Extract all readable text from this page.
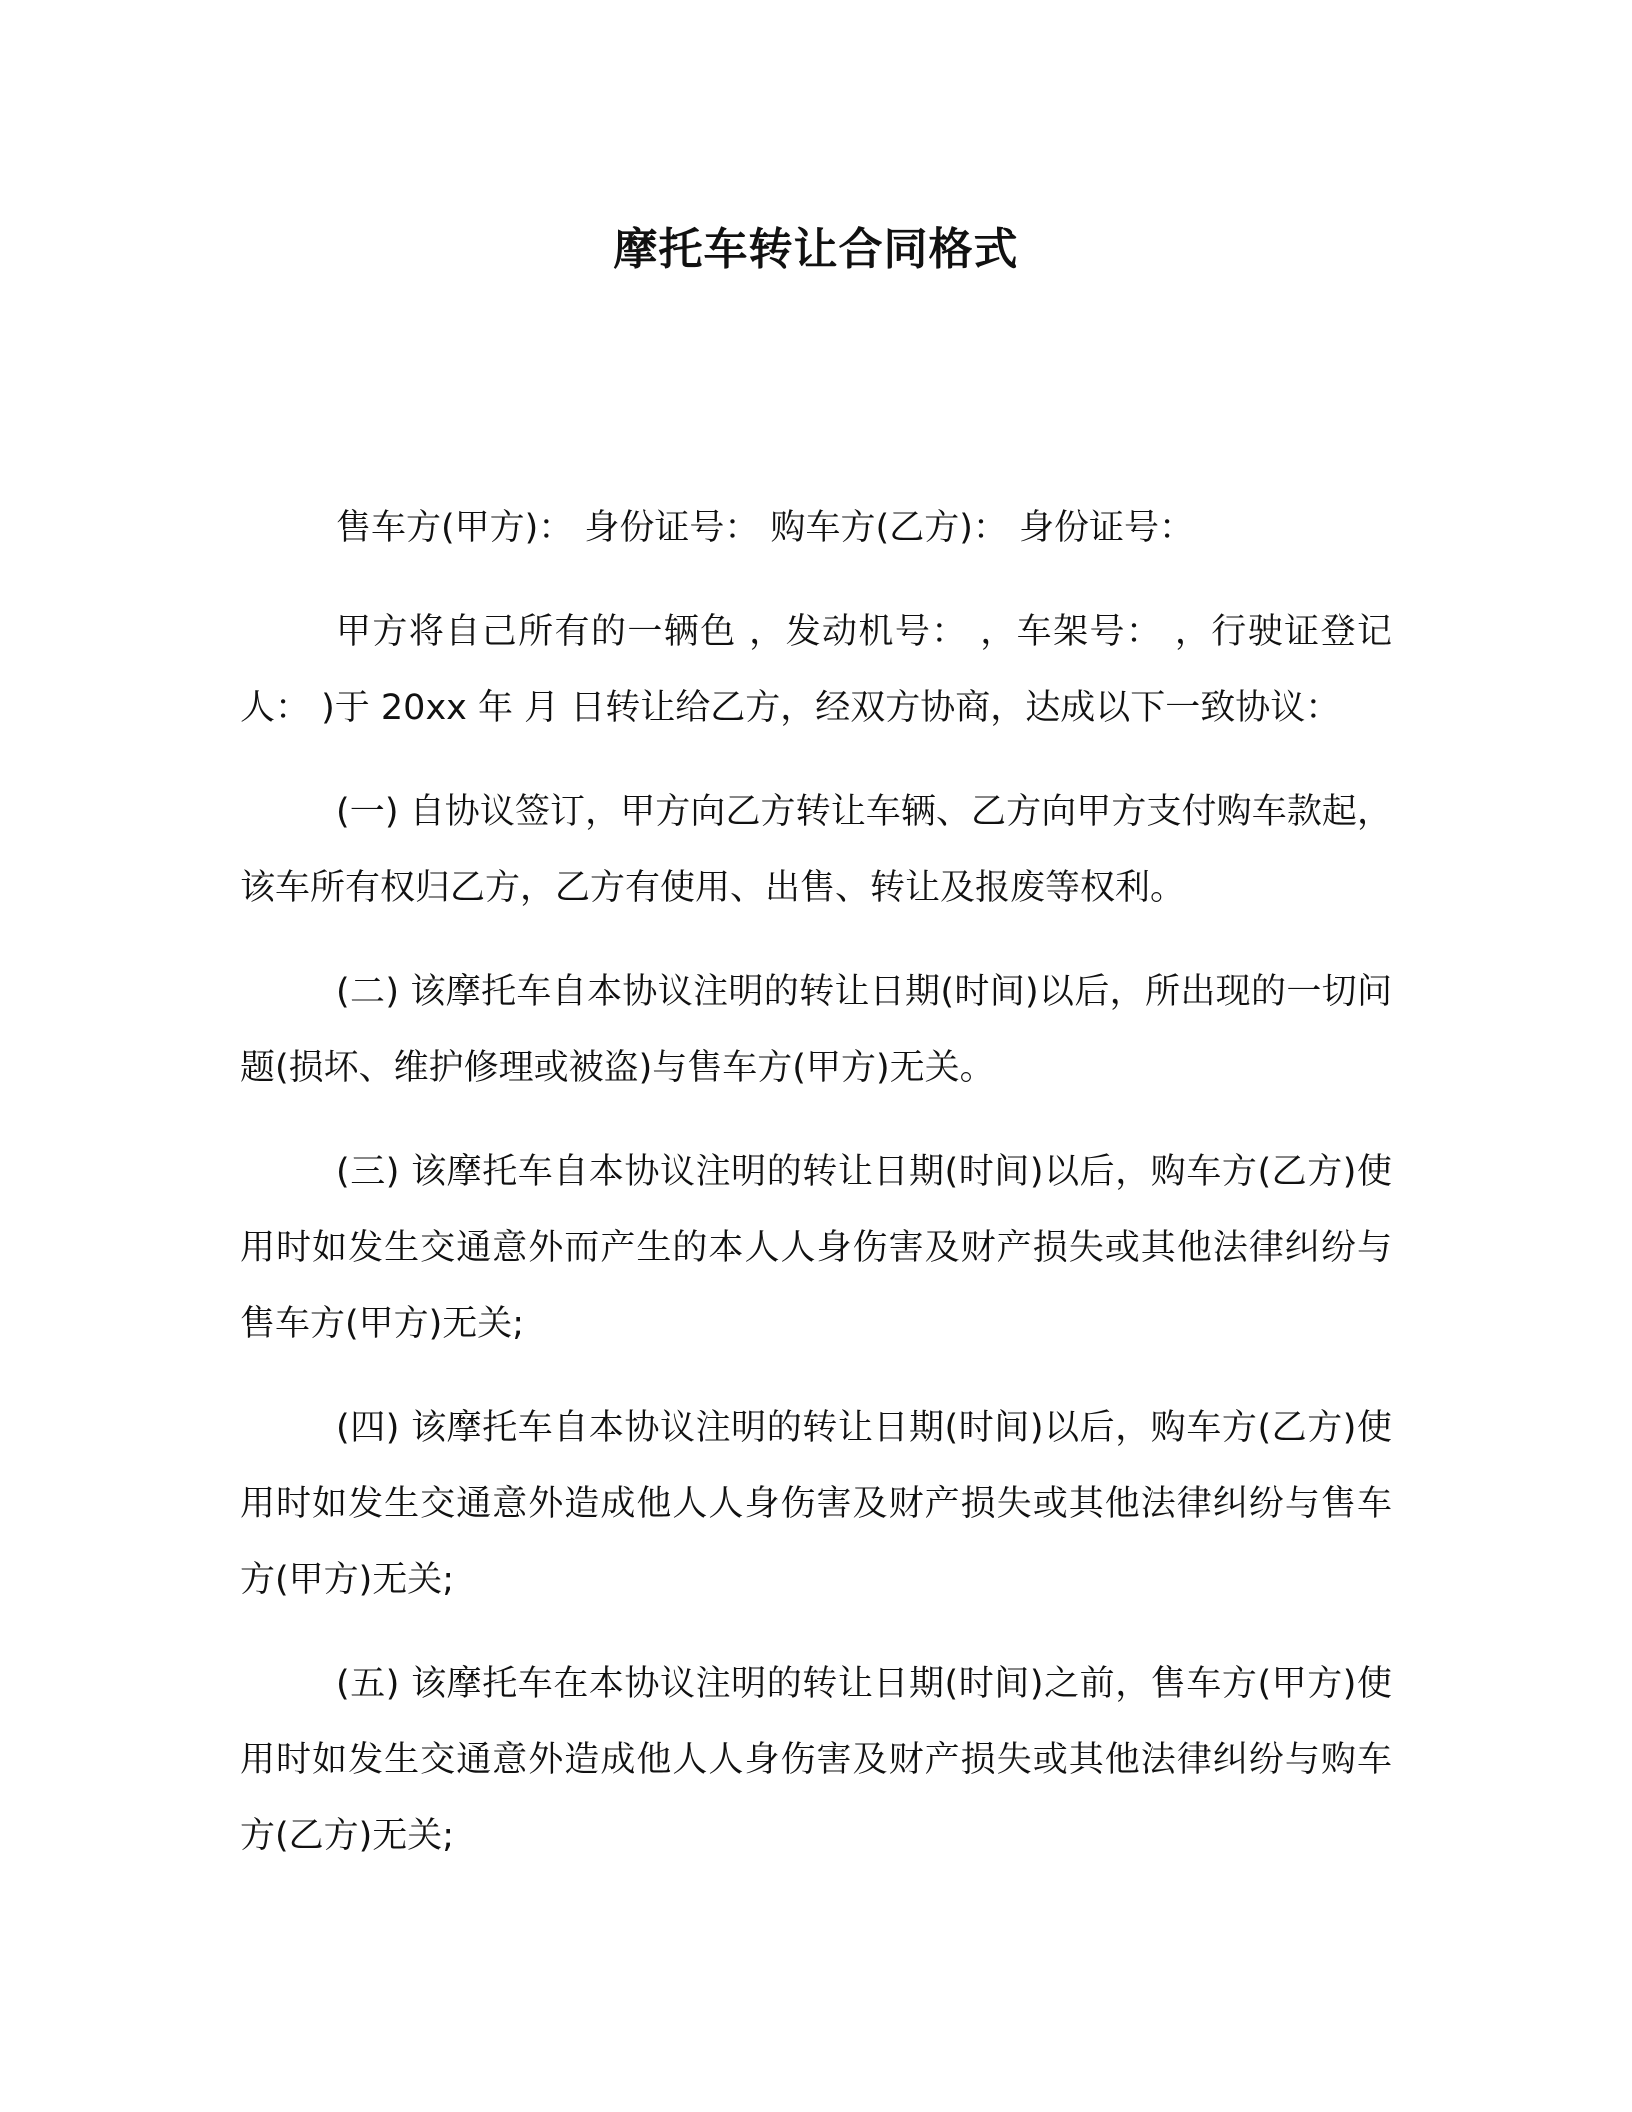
摩托车转让合同格式

售车方(甲方)： 身份证号： 购车方(乙方)： 身份证号：

甲方将自己所有的一辆色 ，发动机号： ，车架号： ，行驶证登记人： )于 20xx 年 月 日转让给乙方，经双方协商，达成以下一致协议：

(一) 自协议签订，甲方向乙方转让车辆、乙方向甲方支付购车款起，该车所有权归乙方，乙方有使用、出售、转让及报废等权利。

(二) 该摩托车自本协议注明的转让日期(时间)以后，所出现的一切问题(损坏、维护修理或被盗)与售车方(甲方)无关。

(三) 该摩托车自本协议注明的转让日期(时间)以后，购车方(乙方)使用时如发生交通意外而产生的本人人身伤害及财产损失或其他法律纠纷与售车方(甲方)无关;

(四) 该摩托车自本协议注明的转让日期(时间)以后，购车方(乙方)使用时如发生交通意外造成他人人身伤害及财产损失或其他法律纠纷与售车方(甲方)无关;

(五) 该摩托车在本协议注明的转让日期(时间)之前，售车方(甲方)使用时如发生交通意外造成他人人身伤害及财产损失或其他法律纠纷与购车方(乙方)无关;
